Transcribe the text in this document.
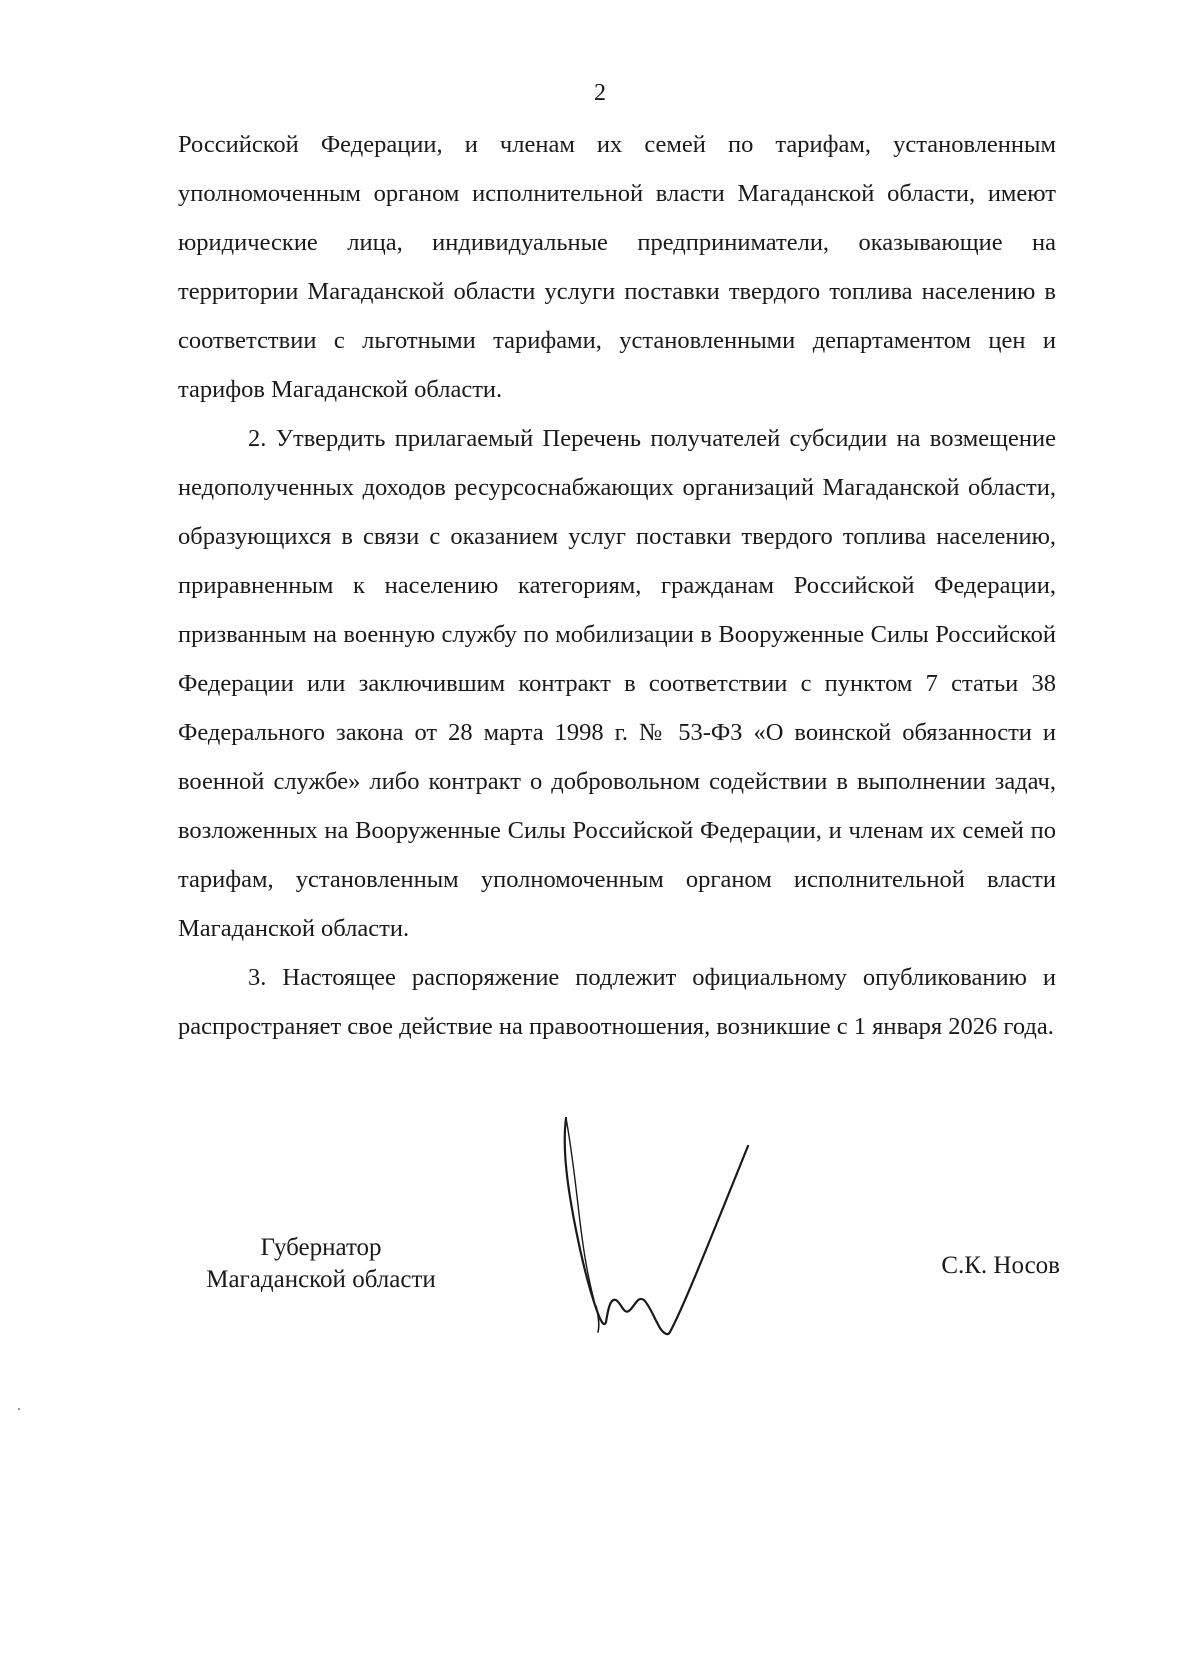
2

Российской Федерации, и членам их семей по тарифам, установленным уполномоченным органом исполнительной власти Магаданской области, имеют юридические лица, индивидуальные предприниматели, оказывающие на территории Магаданской области услуги поставки твердого топлива населению в соответствии с льготными тарифами, установленными департаментом цен и тарифов Магаданской области.

2. Утвердить прилагаемый Перечень получателей субсидии на возмещение недополученных доходов ресурсоснабжающих организаций Магаданской области, образующихся в связи с оказанием услуг поставки твердого топлива населению, приравненным к населению категориям, гражданам Российской Федерации, призванным на военную службу по мобилизации в Вооруженные Силы Российской Федерации или заключившим контракт в соответствии с пунктом 7 статьи 38 Федерального закона от 28 марта 1998 г. № 53-ФЗ «О воинской обязанности и военной службе» либо контракт о добровольном содействии в выполнении задач, возложенных на Вооруженные Силы Российской Федерации, и членам их семей по тарифам, установленным уполномоченным органом исполнительной власти Магаданской области.

3. Настоящее распоряжение подлежит официальному опубликованию и распространяет свое действие на правоотношения, возникшие с 1 января 2026 года.

Губернатор
Магаданской области
С.К. Носов
